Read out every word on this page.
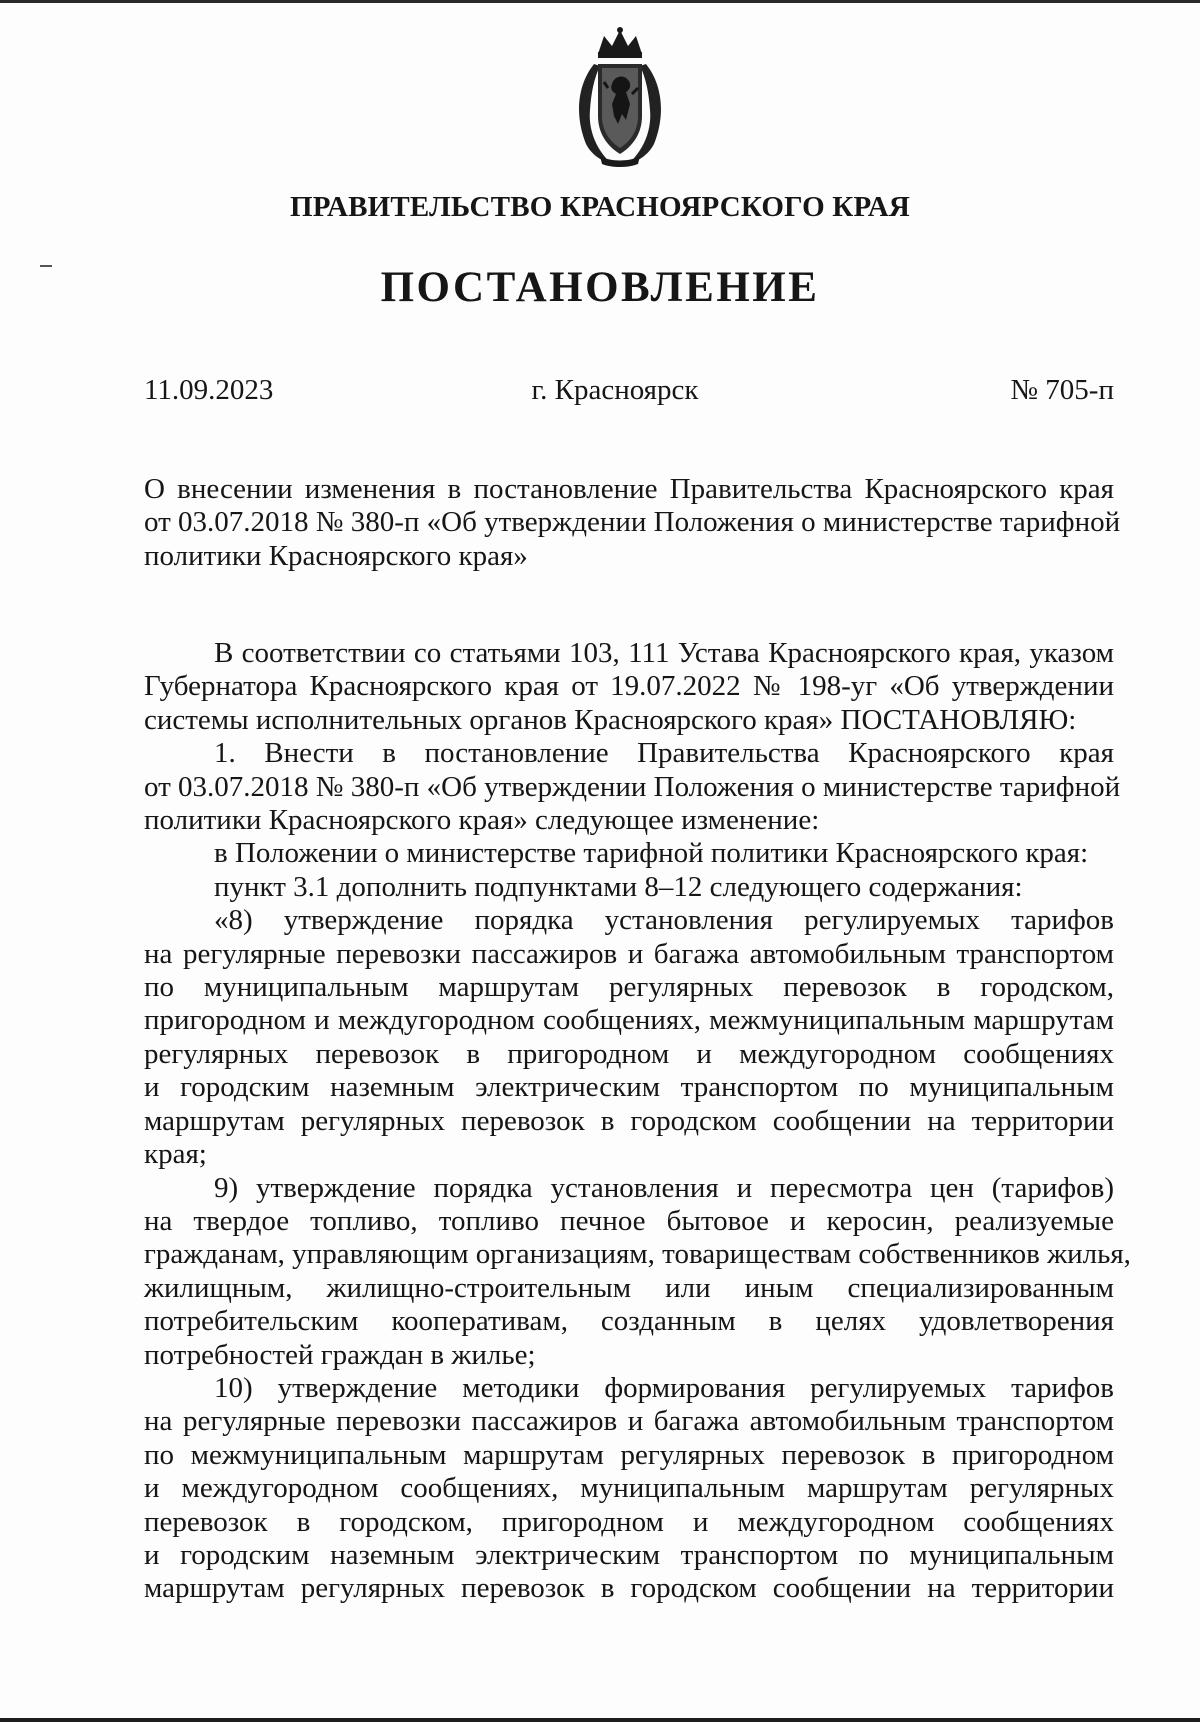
ПРАВИТЕЛЬСТВО КРАСНОЯРСКОГО КРАЯ
ПОСТАНОВЛЕНИЕ
11.09.2023	г. Красноярск	№ 705-п
О внесении изменения в постановление Правительства Красноярского края
от 03.07.2018 № 380-п «Об утверждении Положения о министерстве тарифной
политики Красноярского края»
В соответствии со статьями 103, 111 Устава Красноярского края, указом
Губернатора Красноярского края от 19.07.2022 № 198-уг «Об утверждении
системы исполнительных органов Красноярского края» ПОСТАНОВЛЯЮ:
1. Внести в постановление Правительства Красноярского края
от 03.07.2018 № 380-п «Об утверждении Положения о министерстве тарифной
политики Красноярского края» следующее изменение:
в Положении о министерстве тарифной политики Красноярского края:
пункт 3.1 дополнить подпунктами 8–12 следующего содержания:
«8) утверждение порядка установления регулируемых тарифов
на регулярные перевозки пассажиров и багажа автомобильным транспортом
по муниципальным маршрутам регулярных перевозок в городском,
пригородном и междугородном сообщениях, межмуниципальным маршрутам
регулярных перевозок в пригородном и междугородном сообщениях
и городским наземным электрическим транспортом по муниципальным
маршрутам регулярных перевозок в городском сообщении на территории
края;
9) утверждение порядка установления и пересмотра цен (тарифов)
на твердое топливо, топливо печное бытовое и керосин, реализуемые
гражданам, управляющим организациям, товариществам собственников жилья,
жилищным, жилищно-строительным или иным специализированным
потребительским кооперативам, созданным в целях удовлетворения
потребностей граждан в жилье;
10) утверждение методики формирования регулируемых тарифов
на регулярные перевозки пассажиров и багажа автомобильным транспортом
по межмуниципальным маршрутам регулярных перевозок в пригородном
и междугородном сообщениях, муниципальным маршрутам регулярных
перевозок в городском, пригородном и междугородном сообщениях
и городским наземным электрическим транспортом по муниципальным
маршрутам регулярных перевозок в городском сообщении на территории
